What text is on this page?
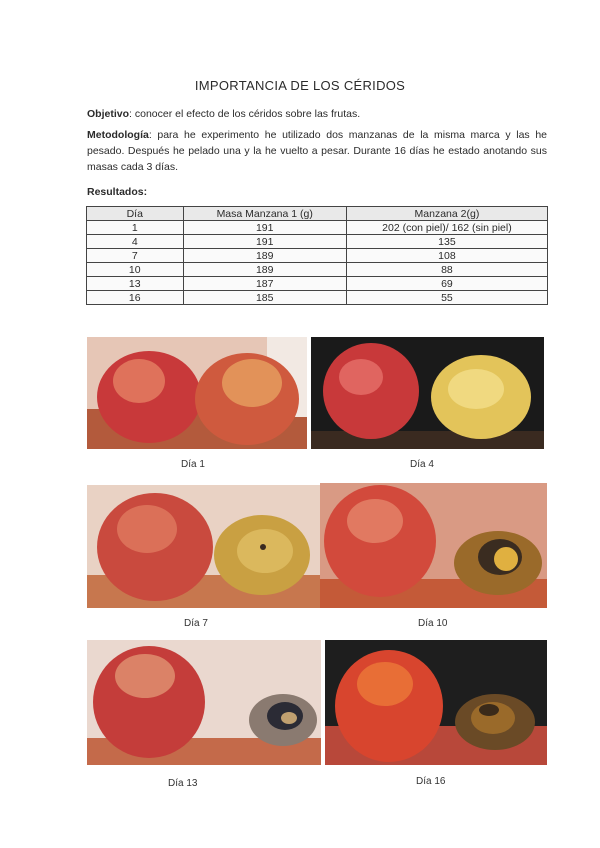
IMPORTANCIA DE LOS CÉRIDOS
Objetivo: conocer el efecto de los céridos sobre las frutas.
Metodología: para he experimento he utilizado dos manzanas de la misma marca y las he pesado. Después he pelado una y la he vuelto a pesar. Durante 16 días he estado anotando sus masas cada 3 días.
Resultados:
Día	Masa Manzana 1 (g)	Manzana 2(g)
1	191	202 (con piel)/ 162 (sin piel)
4	191	135
7	189	108
10	189	88
13	187	69
16	185	55
Día 1	Día 4
Día 7	Día 10
Día 13	Día 16
